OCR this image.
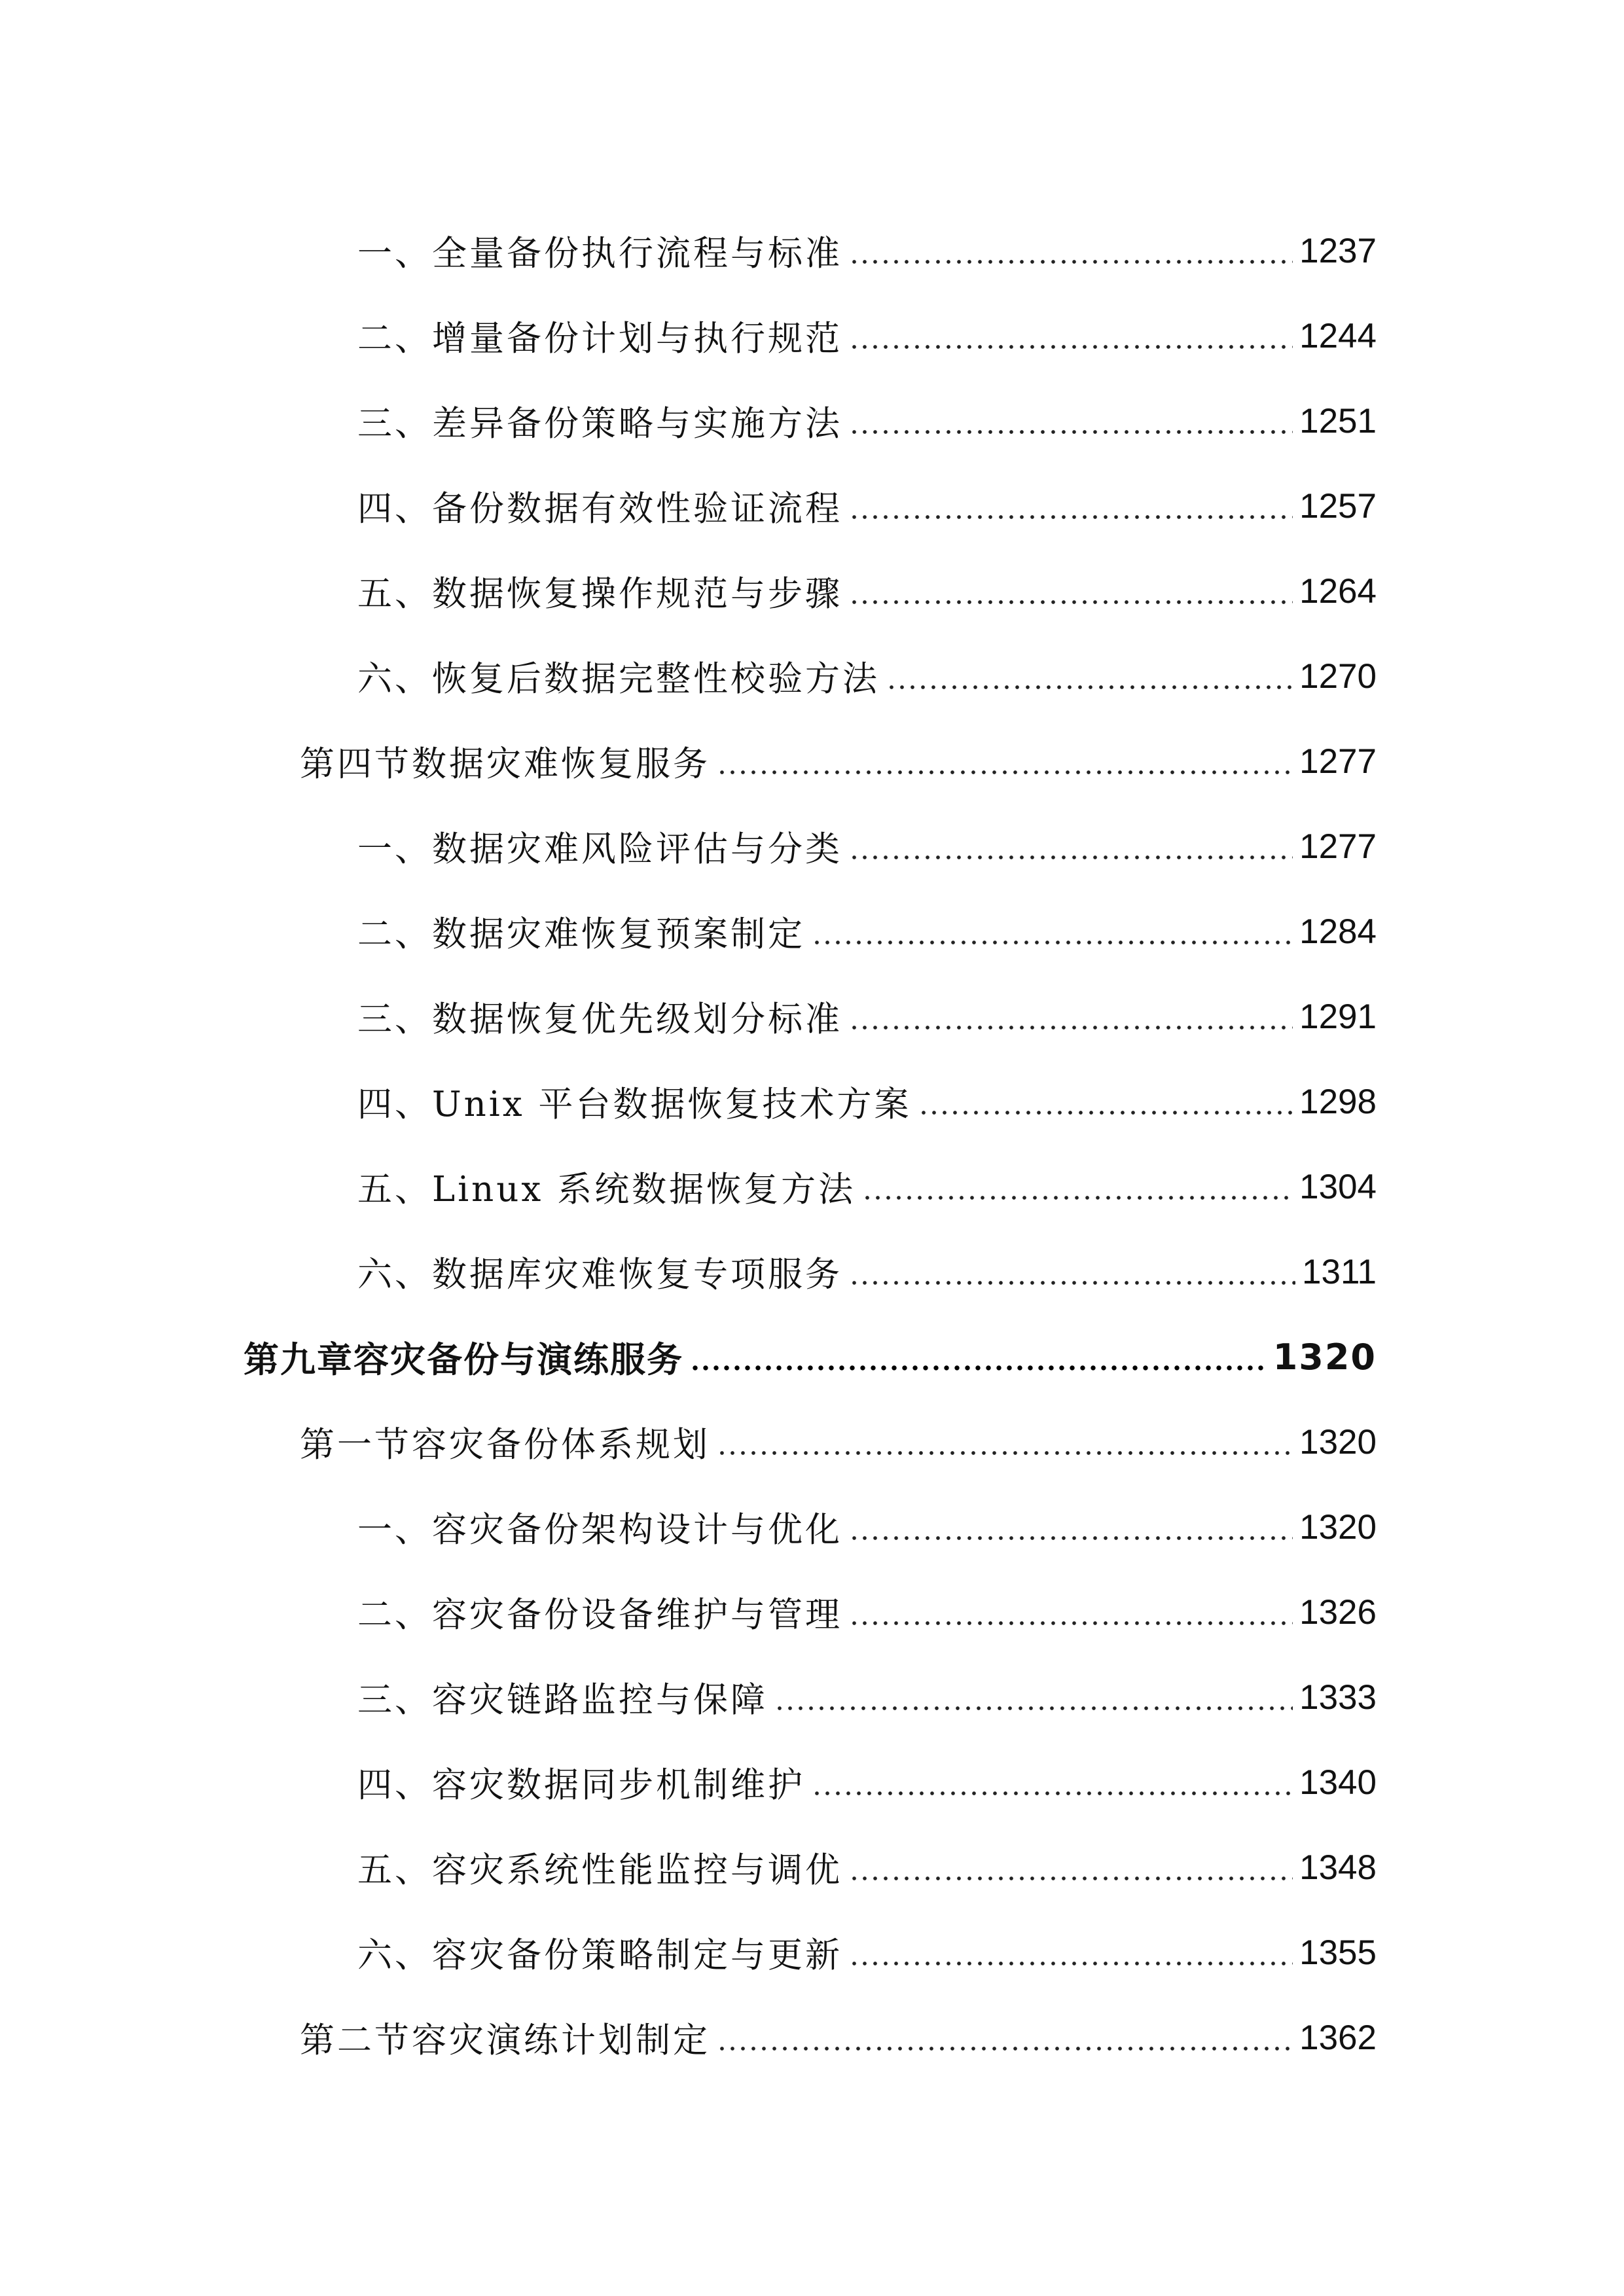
一、全量备份执行流程与标准	1237
二、增量备份计划与执行规范	1244
三、差异备份策略与实施方法	1251
四、备份数据有效性验证流程	1257
五、数据恢复操作规范与步骤	1264
六、恢复后数据完整性校验方法	1270
第四节数据灾难恢复服务	1277
一、数据灾难风险评估与分类	1277
二、数据灾难恢复预案制定	1284
三、数据恢复优先级划分标准	1291
四、Unix 平台数据恢复技术方案	1298
五、Linux 系统数据恢复方法	1304
六、数据库灾难恢复专项服务	1311
第九章容灾备份与演练服务	1320
第一节容灾备份体系规划	1320
一、容灾备份架构设计与优化	1320
二、容灾备份设备维护与管理	1326
三、容灾链路监控与保障	1333
四、容灾数据同步机制维护	1340
五、容灾系统性能监控与调优	1348
六、容灾备份策略制定与更新	1355
第二节容灾演练计划制定	1362
